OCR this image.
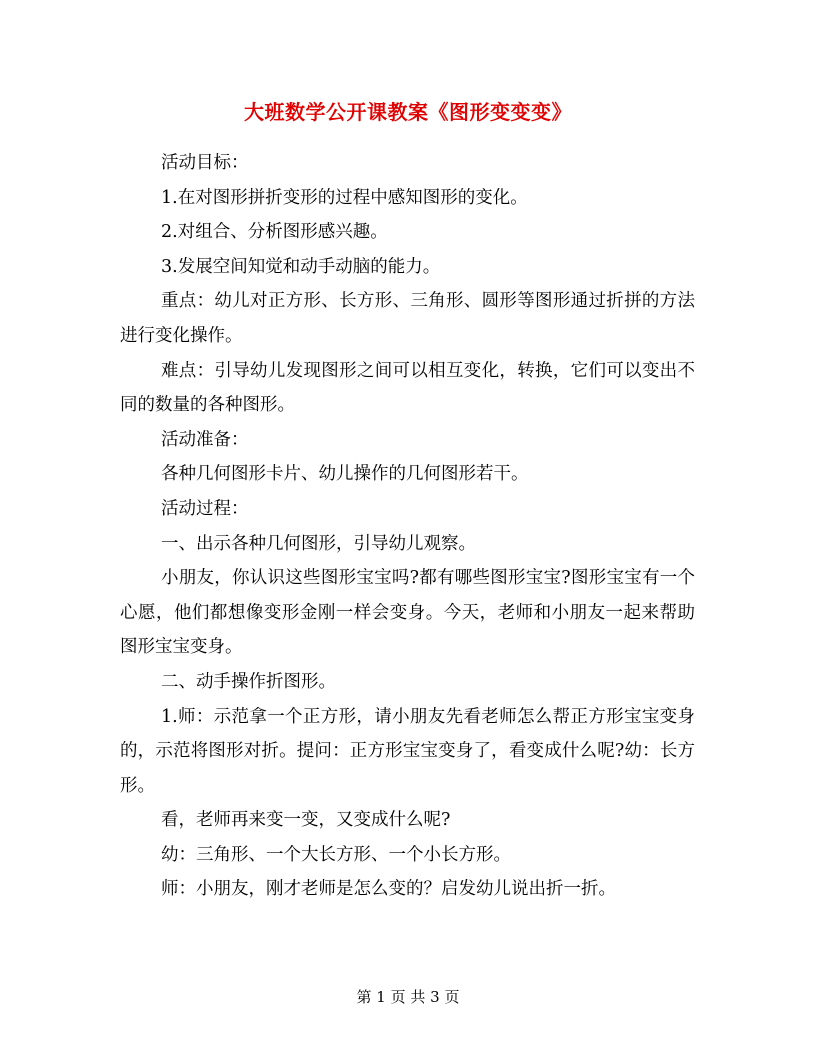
大班数学公开课教案《图形变变变》

活动目标：

1.在对图形拼折变形的过程中感知图形的变化。

2.对组合、分析图形感兴趣。

3.发展空间知觉和动手动脑的能力。

重点：幼儿对正方形、长方形、三角形、圆形等图形通过折拼的方法进行变化操作。

难点：引导幼儿发现图形之间可以相互变化，转换，它们可以变出不同的数量的各种图形。

活动准备：

各种几何图形卡片、幼儿操作的几何图形若干。

活动过程：

一、出示各种几何图形，引导幼儿观察。

小朋友，你认识这些图形宝宝吗?都有哪些图形宝宝?图形宝宝有一个心愿，他们都想像变形金刚一样会变身。今天，老师和小朋友一起来帮助图形宝宝变身。

二、动手操作折图形。

1.师：示范拿一个正方形，请小朋友先看老师怎么帮正方形宝宝变身的，示范将图形对折。提问：正方形宝宝变身了，看变成什么呢?幼：长方形。

看，老师再来变一变，又变成什么呢?

幼：三角形、一个大长方形、一个小长方形。

师：小朋友，刚才老师是怎么变的？启发幼儿说出折一折。

第 1 页 共 3 页
